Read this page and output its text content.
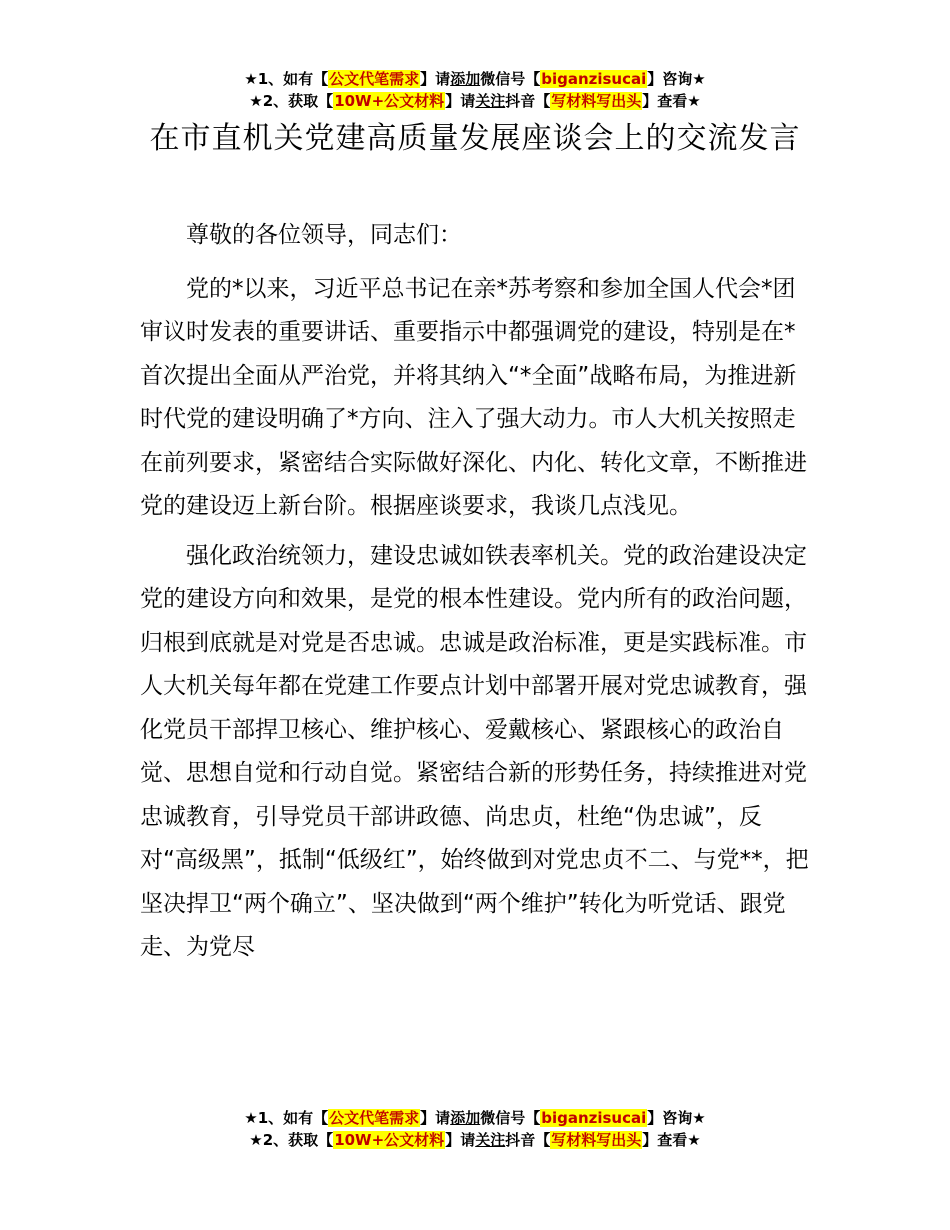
★1、如有【公文代笔需求】请添加微信号【biganzisucai】咨询★
★2、获取【10W+公文材料】请关注抖音【写材料写出头】查看★
在市直机关党建高质量发展座谈会上的交流发言

尊敬的各位领导，同志们：

党的*以来，习近平总书记在亲*苏考察和参加全国人代会*团审议时发表的重要讲话、重要指示中都强调党的建设，特别是在*首次提出全面从严治党，并将其纳入“*全面”战略布局，为推进新时代党的建设明确了*方向、注入了强大动力。市人大机关按照走在前列要求，紧密结合实际做好深化、内化、转化文章，不断推进党的建设迈上新台阶。根据座谈要求，我谈几点浅见。

强化政治统领力，建设忠诚如铁表率机关。党的政治建设决定党的建设方向和效果，是党的根本性建设。党内所有的政治问题，归根到底就是对党是否忠诚。忠诚是政治标准，更是实践标准。市人大机关每年都在党建工作要点计划中部署开展对党忠诚教育，强化党员干部捍卫核心、维护核心、爱戴核心、紧跟核心的政治自觉、思想自觉和行动自觉。紧密结合新的形势任务，持续推进对党忠诚教育，引导党员干部讲政德、尚忠贞，杜绝“伪忠诚”，反对“高级黑”，抵制“低级红”，始终做到对党忠贞不二、与党**，把坚决捍卫“两个确立”、坚决做到“两个维护”转化为听党话、跟党走、为党尽

★1、如有【公文代笔需求】请添加微信号【biganzisucai】咨询★
★2、获取【10W+公文材料】请关注抖音【写材料写出头】查看★
